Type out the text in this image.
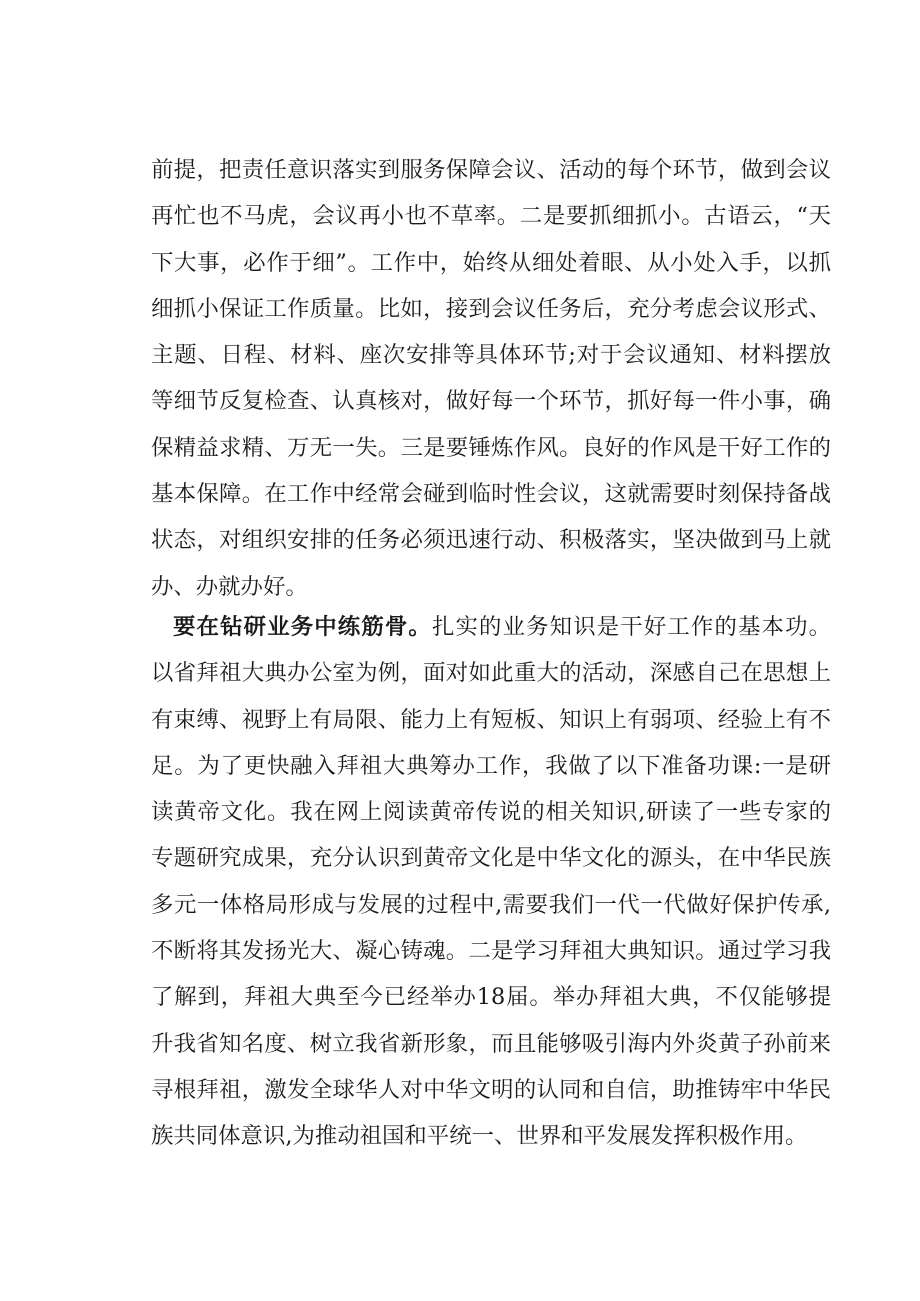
前提，把责任意识落实到服务保障会议、活动的每个环节，做到会议
再忙也不马虎，会议再小也不草率。二是要抓细抓小。古语云，“天
下大事，必作于细”。工作中，始终从细处着眼、从小处入手，以抓
细抓小保证工作质量。比如，接到会议任务后，充分考虑会议形式、
主题、日程、材料、座次安排等具体环节;对于会议通知、材料摆放
等细节反复检查、认真核对，做好每一个环节，抓好每一件小事，确
保精益求精、万无一失。三是要锤炼作风。良好的作风是干好工作的
基本保障。在工作中经常会碰到临时性会议，这就需要时刻保持备战
状态，对组织安排的任务必须迅速行动、积极落实，坚决做到马上就
办、办就办好。
要在钻研业务中练筋骨。扎实的业务知识是干好工作的基本功。
以省拜祖大典办公室为例，面对如此重大的活动，深感自己在思想上
有束缚、视野上有局限、能力上有短板、知识上有弱项、经验上有不
足。为了更快融入拜祖大典筹办工作，我做了以下准备功课:一是研
读黄帝文化。我在网上阅读黄帝传说的相关知识,研读了一些专家的
专题研究成果，充分认识到黄帝文化是中华文化的源头，在中华民族
多元一体格局形成与发展的过程中,需要我们一代一代做好保护传承,
不断将其发扬光大、凝心铸魂。二是学习拜祖大典知识。通过学习我
了解到，拜祖大典至今已经举办18届。举办拜祖大典，不仅能够提
升我省知名度、树立我省新形象，而且能够吸引海内外炎黄子孙前来
寻根拜祖，激发全球华人对中华文明的认同和自信，助推铸牢中华民
族共同体意识,为推动祖国和平统一、世界和平发展发挥积极作用。
